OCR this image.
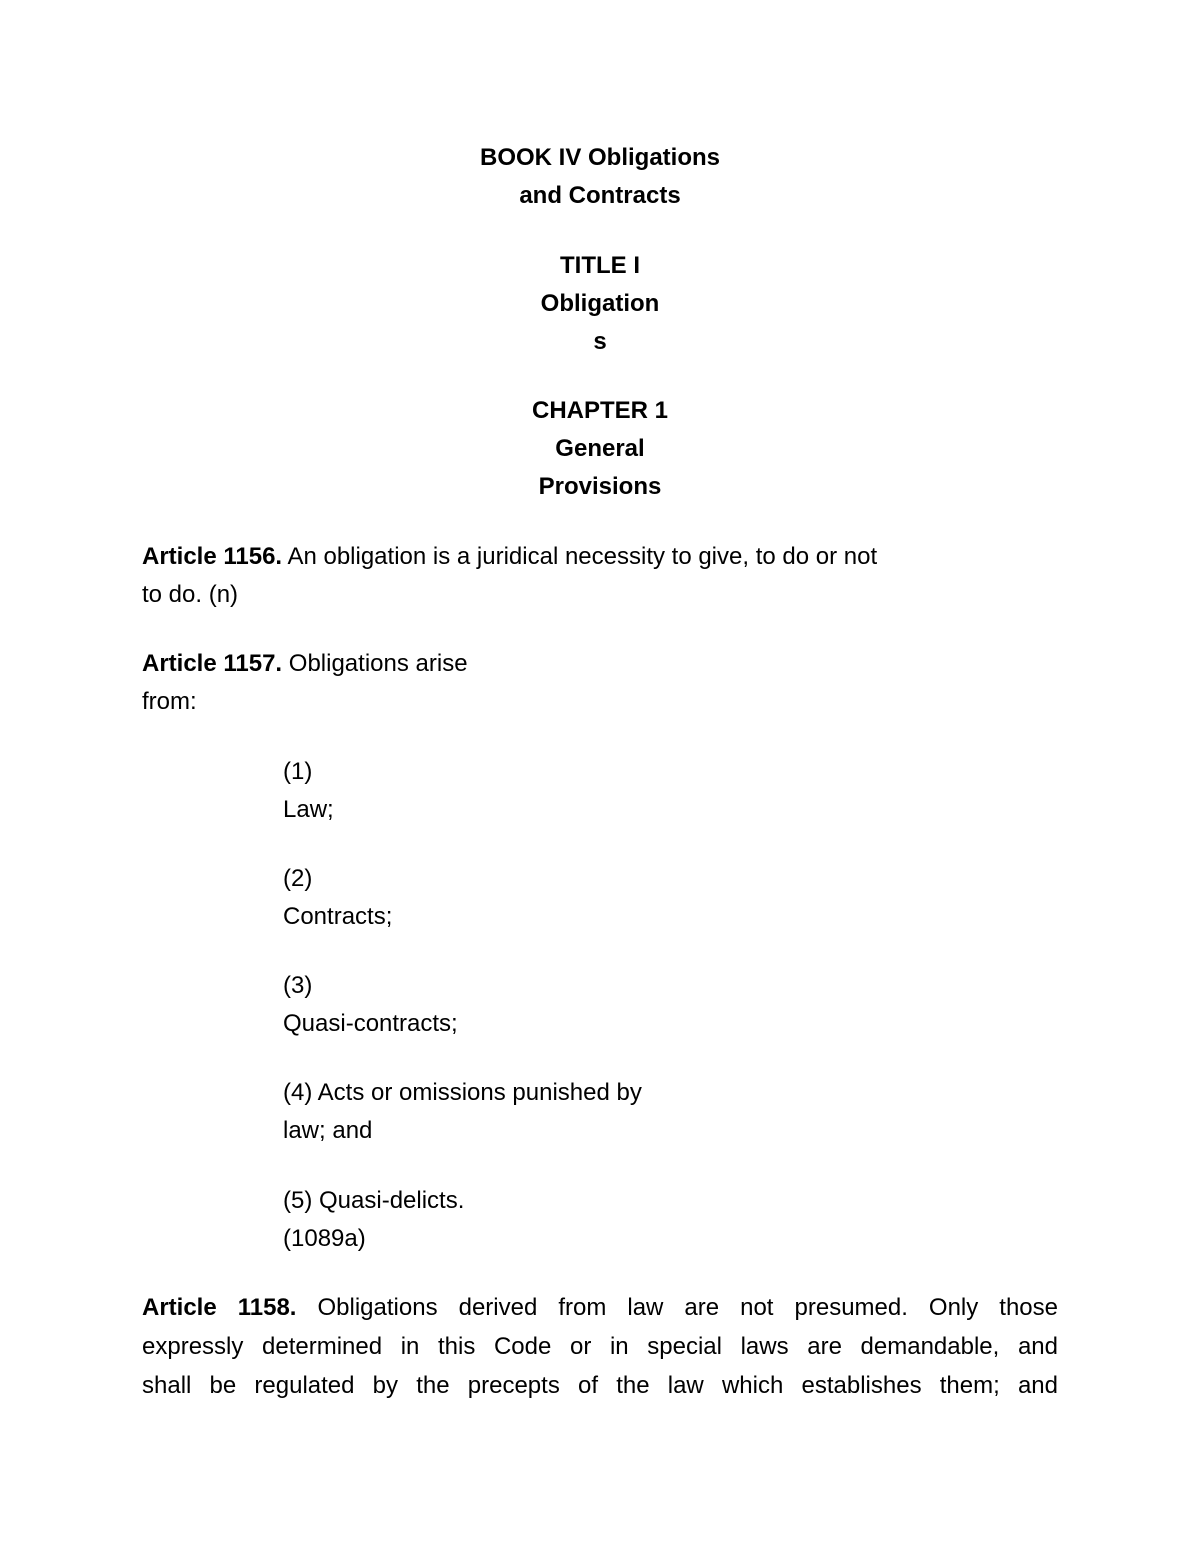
BOOK IV Obligations
and Contracts
TITLE I
Obligation
s
CHAPTER 1
General
Provisions
Article 1156. An obligation is a juridical necessity to give, to do or not
to do. (n)
Article 1157. Obligations arise
from:
(1)
Law;
(2)
Contracts;
(3)
Quasi-contracts;
(4) Acts or omissions punished by
law; and
(5) Quasi-delicts.
(1089a)
Article 1158. Obligations derived from law are not presumed. Only those
expressly determined in this Code or in special laws are demandable, and
shall be regulated by the precepts of the law which establishes them; and
